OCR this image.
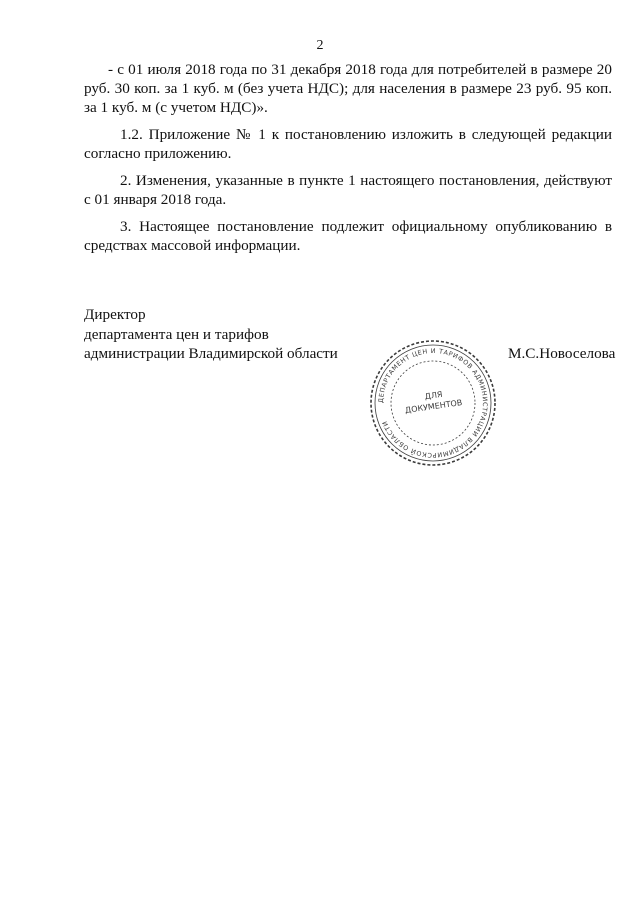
2

- с 01 июля 2018 года по 31 декабря 2018 года для потребителей в размере 20 руб. 30 коп. за 1 куб. м (без учета НДС); для населения в размере 23 руб. 95 коп. за 1 куб. м (с учетом НДС)».

1.2. Приложение № 1 к постановлению изложить в следующей редакции согласно приложению.

2. Изменения, указанные в пункте 1 настоящего постановления, действуют с 01 января 2018 года.

3. Настоящее постановление подлежит официальному опубликованию в средствах массовой информации.

Директор
департамента цен и тарифов
администрации Владимирской области
ДЕПАРТАМЕНТ ЦЕН И ТАРИФОВ АДМИНИСТРАЦИИ ВЛАДИМИРСКОЙ ОБЛАСТИ
ДЛЯ
ДОКУМЕНТОВ
М.С.Новоселова
